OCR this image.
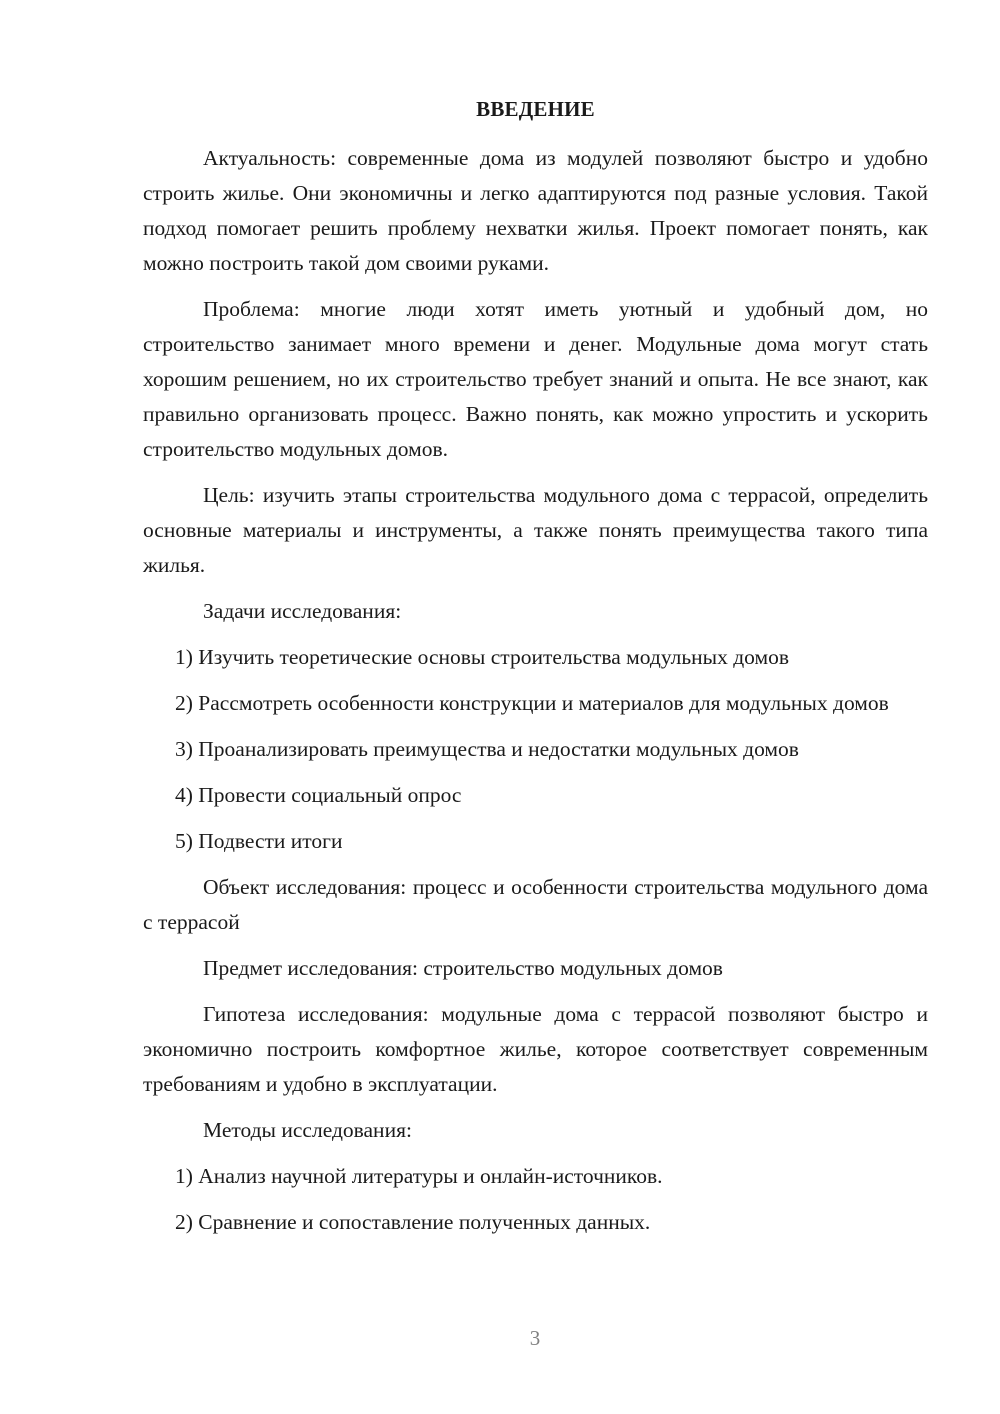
ВВЕДЕНИЕ

Актуальность: современные дома из модулей позволяют быстро и удобно строить жилье. Они экономичны и легко адаптируются под разные условия. Такой подход помогает решить проблему нехватки жилья. Проект помогает понять, как можно построить такой дом своими руками.

Проблема: многие люди хотят иметь уютный и удобный дом, но строительство занимает много времени и денег. Модульные дома могут стать хорошим решением, но их строительство требует знаний и опыта. Не все знают, как правильно организовать процесс. Важно понять, как можно упростить и ускорить строительство модульных домов.

Цель: изучить этапы строительства модульного дома с террасой, определить основные материалы и инструменты, а также понять преимущества такого типа жилья.

Задачи исследования:

1) Изучить теоретические основы строительства модульных домов

2) Рассмотреть особенности конструкции и материалов для модульных домов

3) Проанализировать преимущества и недостатки модульных домов

4) Провести социальный опрос

5) Подвести итоги

Объект исследования: процесс и особенности строительства модульного дома с террасой

Предмет исследования: строительство модульных домов

Гипотеза исследования: модульные дома с террасой позволяют быстро и экономично построить комфортное жилье, которое соответствует современным требованиям и удобно в эксплуатации.

Методы исследования:

1) Анализ научной литературы и онлайн-источников.

2) Сравнение и сопоставление полученных данных.

3
